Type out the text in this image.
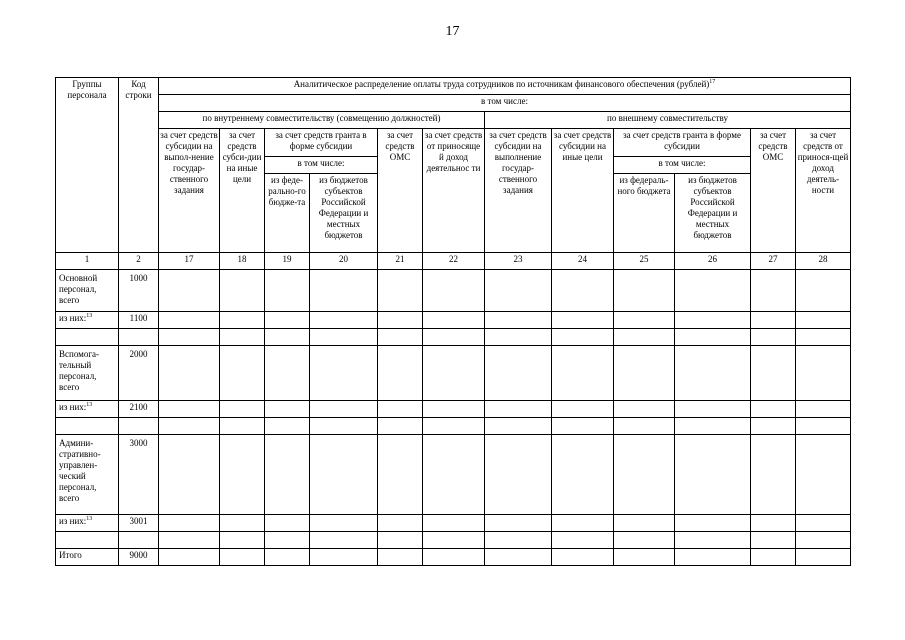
17
Группы персонала	Код строки	Аналитическое распределение оплаты труда сотрудников по источникам финансового обеспечения (рублей)$^{17}$
		в том числе:											
		по внутреннему совместительству (совмещению должностей)						по внешнему совместительству					
		за счет средств субсидии на выпол-нение государ-ственного задания	за счет средств субси-дии на иные цели	за счет средств гранта в форме субсидии		за счет средств ОМС	за счет средств от приносяще й доход деятельнос ти	за счет средств субсидии на выполнение государ-ственного задания	за счет средств субсидии на иные цели	за счет средств гранта в форме субсидии		за счет средств ОМС	за счет средств от принося-щей доход деятель-ности
				в том числе:						в том числе:			
				из феде-рально-го бюдже-та	из бюджетов субъектов Российской Федерации и местных бюджетов					из федераль-ного бюджета	из бюджетов субъектов Российской Федерации и местных бюджетов		
1	2	17	18	19	20	21	22	23	24	25	26	27	28
Основной персонал, всего	1000												
из них:$^{13}$	1100												

Вспомога-тельный персонал, всего	2000												
из них:$^{13}$	2100												

Админи-стративно-управлен-ческий персонал, всего	3000												
из них:$^{13}$	3001												

Итого	9000												
